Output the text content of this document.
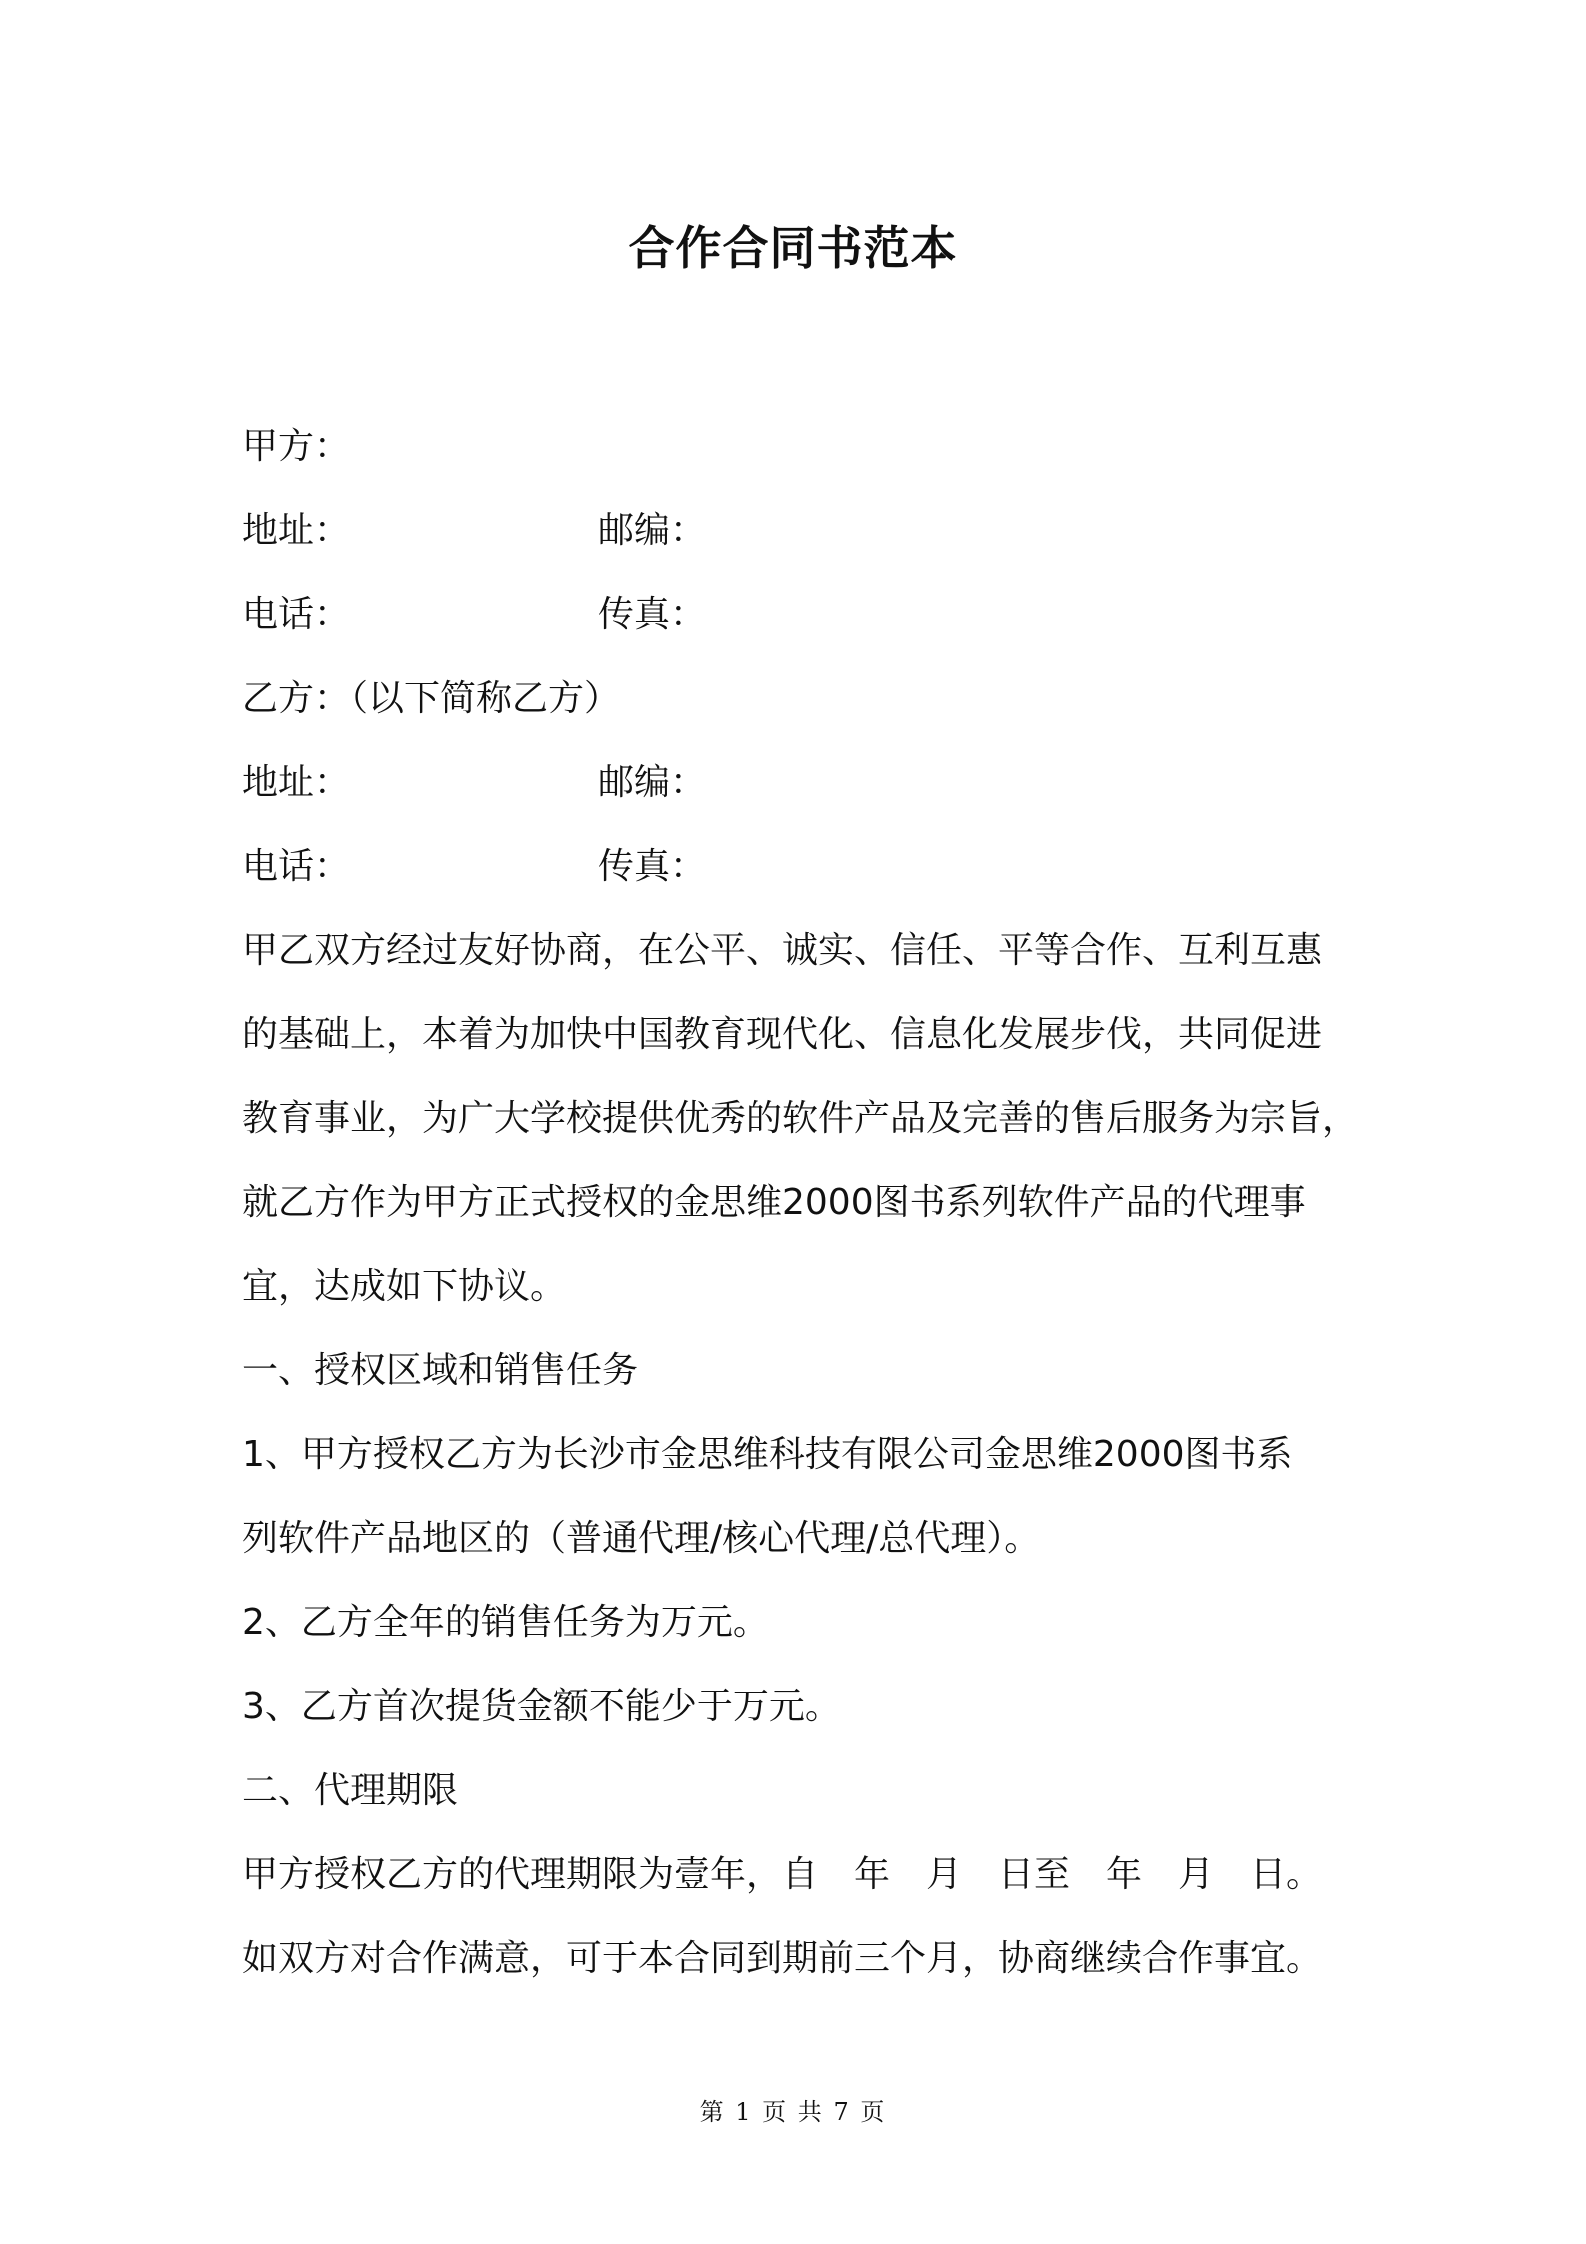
合作合同书范本
甲方：
地址：	邮编：
电话：	传真：
乙方：（以下简称乙方）
地址：	邮编：
电话：	传真：
甲乙双方经过友好协商，在公平、诚实、信任、平等合作、互利互惠
的基础上，本着为加快中国教育现代化、信息化发展步伐，共同促进
教育事业，为广大学校提供优秀的软件产品及完善的售后服务为宗旨，
就乙方作为甲方正式授权的金思维2000图书系列软件产品的代理事
宜，达成如下协议。
一、授权区域和销售任务
1、甲方授权乙方为长沙市金思维科技有限公司金思维2000图书系
列软件产品地区的（普通代理/核心代理/总代理）。
2、乙方全年的销售任务为万元。
3、乙方首次提货金额不能少于万元。
二、代理期限
甲方授权乙方的代理期限为壹年，自　年　月　日至　年　月　日。
如双方对合作满意，可于本合同到期前三个月，协商继续合作事宜。
第 1 页 共 7 页
